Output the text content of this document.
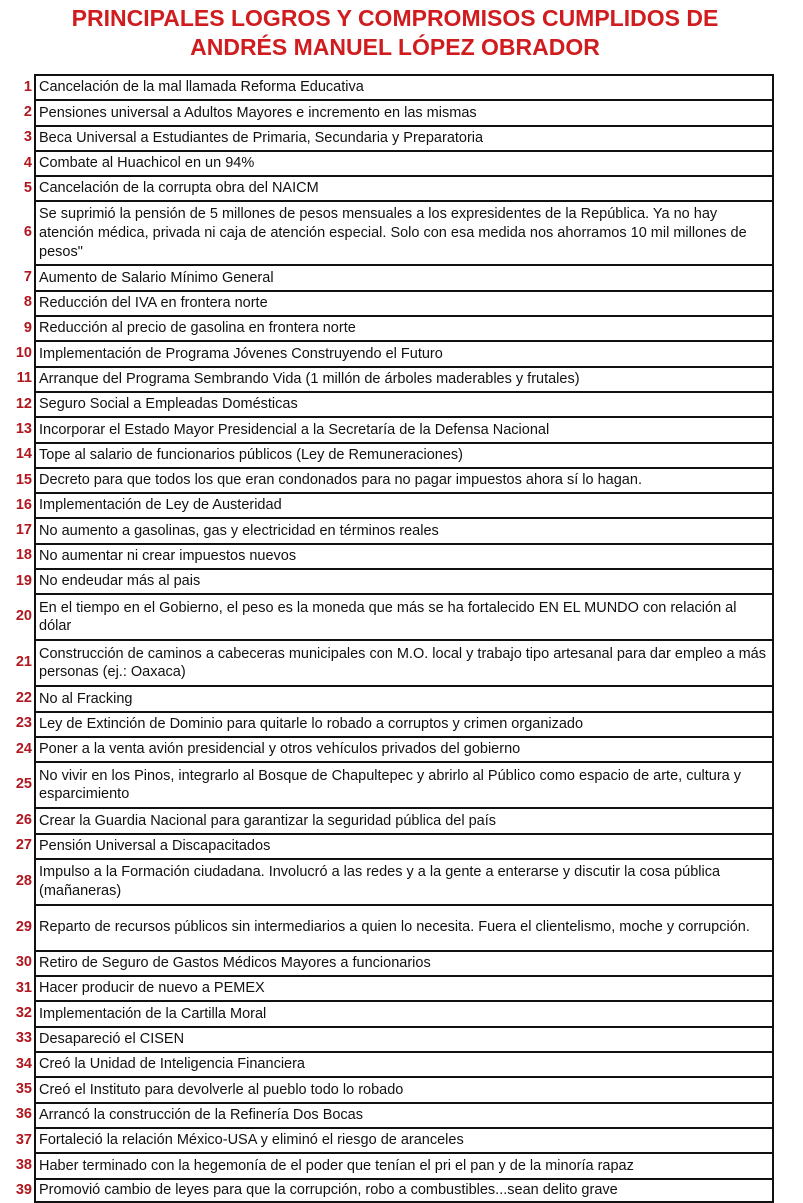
PRINCIPALES LOGROS Y COMPROMISOS CUMPLIDOS DE
ANDRÉS MANUEL LÓPEZ OBRADOR
1 Cancelación de la mal llamada Reforma Educativa
2 Pensiones universal a Adultos Mayores e incremento en las mismas
3 Beca Universal a Estudiantes de Primaria, Secundaria y Preparatoria
4 Combate al Huachicol en un 94%
5 Cancelación de la corrupta obra del NAICM
6
Se suprimió la pensión de 5 millones de pesos mensuales a los expresidentes de la República. Ya no hay atención médica, privada ni caja de atención especial. Solo con esa medida nos ahorramos 10 mil millones de pesos"
7 Aumento de Salario Mínimo General
8 Reducción del IVA en frontera norte
9 Reducción al precio de gasolina en frontera norte
10 Implementación de Programa Jóvenes Construyendo el Futuro
11 Arranque del Programa Sembrando Vida (1 millón de árboles maderables y frutales)
12 Seguro Social a Empleadas Domésticas
13 Incorporar el Estado Mayor Presidencial a la Secretaría de la Defensa Nacional
14 Tope al salario de funcionarios públicos (Ley de Remuneraciones)
15 Decreto para que todos los que eran condonados para no pagar impuestos ahora sí lo hagan.
16 Implementación de Ley de Austeridad
17 No aumento a gasolinas, gas y electricidad en términos reales
18 No aumentar ni crear impuestos nuevos
19 No endeudar más al pais
20
En el tiempo en el Gobierno, el peso es la moneda que más se ha fortalecido EN EL MUNDO con relación al dólar
21
Construcción de caminos a cabeceras municipales con M.O. local y trabajo tipo artesanal para dar empleo a más personas (ej.: Oaxaca)
22 No al Fracking
23 Ley de Extinción de Dominio para quitarle lo robado a corruptos y crimen organizado
24 Poner a la venta avión presidencial y otros vehículos privados del gobierno
25
No vivir en los Pinos, integrarlo al Bosque de Chapultepec y abrirlo al Público como espacio de arte, cultura y esparcimiento
26 Crear la Guardia Nacional para garantizar la seguridad pública del país
27 Pensión Universal a Discapacitados
28
Impulso a la Formación ciudadana. Involucró a las redes y a la gente a enterarse y discutir la cosa pública (mañaneras)
29 Reparto de recursos públicos sin intermediarios a quien lo necesita. Fuera el clientelismo, moche y corrupción.
30 Retiro de Seguro de Gastos Médicos Mayores a funcionarios
31 Hacer producir de nuevo a PEMEX
32 Implementación de la Cartilla Moral
33 Desapareció el CISEN
34 Creó la Unidad de Inteligencia Financiera
35 Creó el Instituto para devolverle al pueblo todo lo robado
36 Arrancó la construcción de la Refinería Dos Bocas
37 Fortaleció la relación México-USA y eliminó el riesgo de aranceles
38 Haber terminado con la hegemonía de el poder que tenían el pri el pan y de la minoría rapaz
39 Promovió cambio de leyes para que la corrupción, robo a combustibles...sean delito grave
